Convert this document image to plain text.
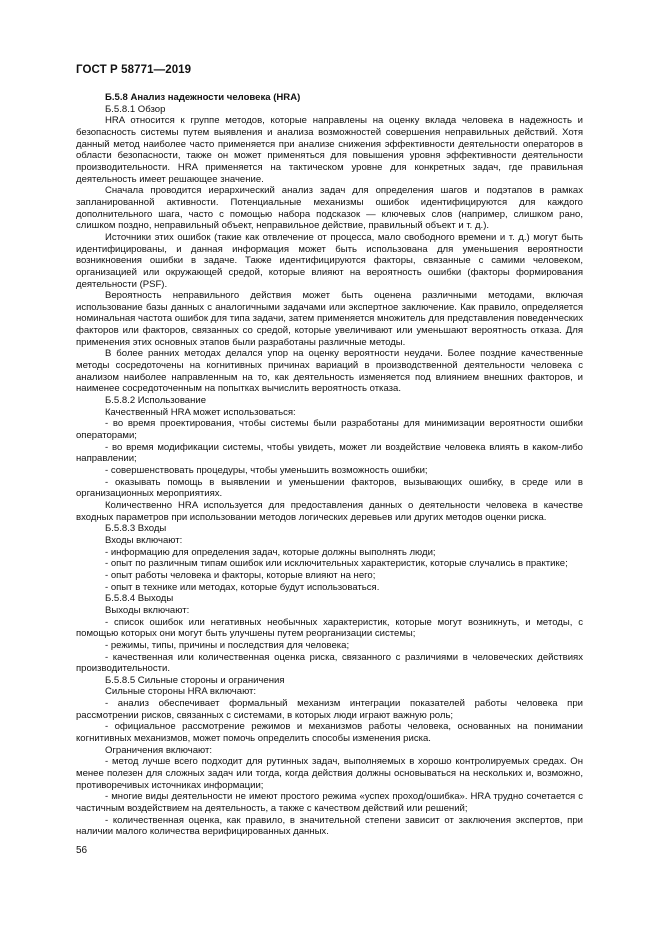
ГОСТ Р 58771—2019

Б.5.8 Анализ надежности человека (HRA)

Б.5.8.1 Обзор

HRA относится к группе методов, которые направлены на оценку вклада человека в надежность и безопасность системы путем выявления и анализа возможностей совершения неправильных действий. Хотя данный метод наиболее часто применяется при анализе снижения эффективности деятельности операторов в области безопасности, также он может применяться для повышения уровня эффективности деятельности производительности. HRA применяется на тактическом уровне для конкретных задач, где правильная деятельность имеет решающее значение.

Сначала проводится иерархический анализ задач для определения шагов и подэтапов в рамках запланированной активности. Потенциальные механизмы ошибок идентифицируются для каждого дополнительного шага, часто с помощью набора подсказок — ключевых слов (например, слишком рано, слишком поздно, неправильный объект, неправильное действие, правильный объект и т. д.).

Источники этих ошибок (такие как отвлечение от процесса, мало свободного времени и т. д.) могут быть идентифицированы, и данная информация может быть использована для уменьшения вероятности возникновения ошибки в задаче. Также идентифицируются факторы, связанные с самими человеком, организацией или окружающей средой, которые влияют на вероятность ошибки (факторы формирования деятельности (PSF).

Вероятность неправильного действия может быть оценена различными методами, включая использование базы данных с аналогичными задачами или экспертное заключение. Как правило, определяется номинальная частота ошибок для типа задачи, затем применяется множитель для представления поведенческих факторов или факторов, связанных со средой, которые увеличивают или уменьшают вероятность отказа. Для применения этих основных этапов были разработаны различные методы.

В более ранних методах делался упор на оценку вероятности неудачи. Более поздние качественные методы сосредоточены на когнитивных причинах вариаций в производственной деятельности человека с анализом наиболее направленным на то, как деятельность изменяется под влиянием внешних факторов, и наименее сосредоточенным на попытках вычислить вероятность отказа.

Б.5.8.2 Использование

Качественный HRA может использоваться:

- во время проектирования, чтобы системы были разработаны для минимизации вероятности ошибки операторами;

- во время модификации системы, чтобы увидеть, может ли воздействие человека влиять в каком-либо направлении;

- совершенствовать процедуры, чтобы уменьшить возможность ошибки;

- оказывать помощь в выявлении и уменьшении факторов, вызывающих ошибку, в среде или в организационных мероприятиях.

Количественно HRA используется для предоставления данных о деятельности человека в качестве входных параметров при использовании методов логических деревьев или других методов оценки риска.

Б.5.8.3 Входы

Входы включают:

- информацию для определения задач, которые должны выполнять люди;

- опыт по различным типам ошибок или исключительных характеристик, которые случались в практике;

- опыт работы человека и факторы, которые влияют на него;

- опыт в технике или методах, которые будут использоваться.

Б.5.8.4 Выходы

Выходы включают:

- список ошибок или негативных необычных характеристик, которые могут возникнуть, и методы, с помощью которых они могут быть улучшены путем реорганизации системы;

- режимы, типы, причины и последствия для человека;

- качественная или количественная оценка риска, связанного с различиями в человеческих действиях производительности.

Б.5.8.5 Сильные стороны и ограничения

Сильные стороны HRA включают:

- анализ обеспечивает формальный механизм интеграции показателей работы человека при рассмотрении рисков, связанных с системами, в которых люди играют важную роль;

- официальное рассмотрение режимов и механизмов работы человека, основанных на понимании когнитивных механизмов, может помочь определить способы изменения риска.

Ограничения включают:

- метод лучше всего подходит для рутинных задач, выполняемых в хорошо контролируемых средах. Он менее полезен для сложных задач или тогда, когда действия должны основываться на нескольких и, возможно, противоречивых источниках информации;

- многие виды деятельности не имеют простого режима «успех проход/ошибка». HRA трудно сочетается с частичным воздействием на деятельность, а также с качеством действий или решений;

- количественная оценка, как правило, в значительной степени зависит от заключения экспертов, при наличии малого количества верифицированных данных.

56
